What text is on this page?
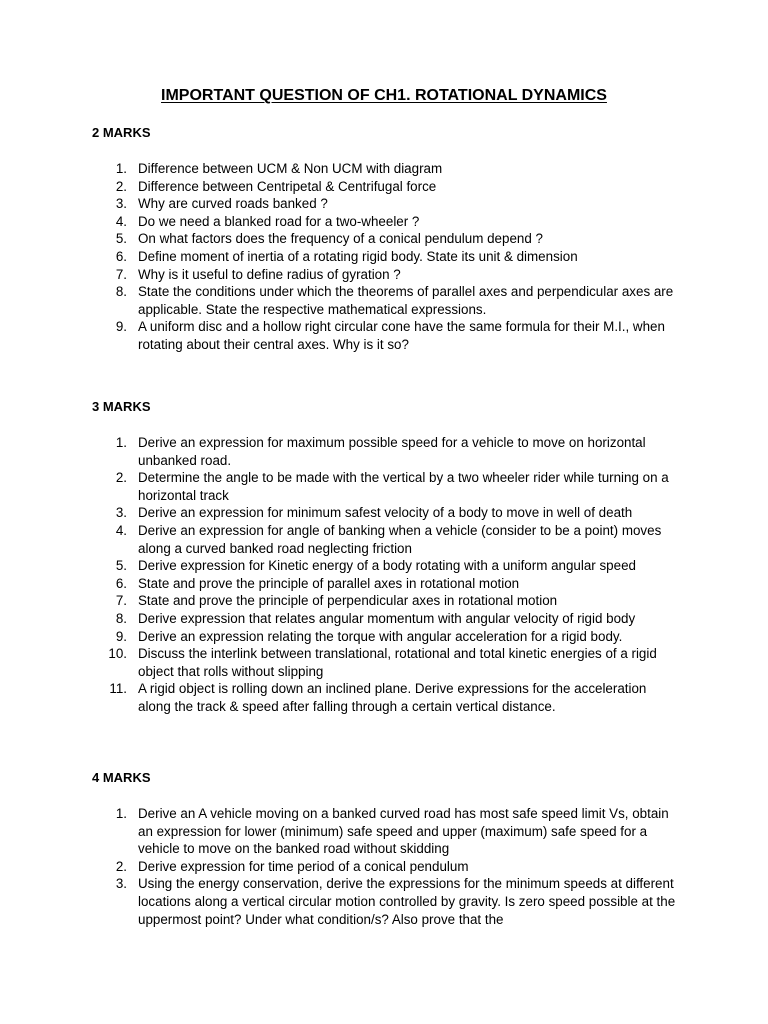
IMPORTANT QUESTION OF CH1. ROTATIONAL DYNAMICS
2 MARKS
1. Difference between UCM & Non UCM with diagram
2. Difference between Centripetal & Centrifugal force
3. Why are curved roads banked ?
4. Do we need a blanked road for a two-wheeler ?
5. On what factors does the frequency of a conical pendulum depend ?
6. Define moment of inertia of a rotating rigid body. State its unit & dimension
7. Why is it useful to define radius of gyration ?
8. State the conditions under which the theorems of parallel axes and perpendicular axes are applicable. State the respective mathematical expressions.
9. A uniform disc and a hollow right circular cone have the same formula for their M.I., when rotating about their central axes. Why is it so?
3 MARKS
1. Derive an expression for maximum possible speed for a vehicle to move on horizontal unbanked road.
2. Determine the angle to be made with the vertical by a two wheeler rider while turning on a horizontal track
3. Derive an expression for minimum safest velocity of a body to move in well of death
4. Derive an expression for angle of banking when a vehicle (consider to be a point) moves along a curved banked road neglecting friction
5. Derive expression for Kinetic energy of a body rotating with a uniform angular speed
6. State and prove the principle of parallel axes in rotational motion
7. State and prove the principle of perpendicular axes in rotational motion
8. Derive expression that relates angular momentum with angular velocity of rigid body
9. Derive an expression relating the torque with angular acceleration for a rigid body.
10. Discuss the interlink between translational, rotational and total kinetic energies of a rigid object that rolls without slipping
11. A rigid object is rolling down an inclined plane. Derive expressions for the acceleration along the track & speed after falling through a certain vertical distance.
4 MARKS
1. Derive an A vehicle moving on a banked curved road has most safe speed limit Vs, obtain an expression for lower (minimum) safe speed and upper (maximum) safe speed for a vehicle to move on the banked road without skidding
2. Derive expression for time period of a conical pendulum
3. Using the energy conservation, derive the expressions for the minimum speeds at different locations along a vertical circular motion controlled by gravity. Is zero speed possible at the uppermost point? Under what condition/s? Also prove that the
